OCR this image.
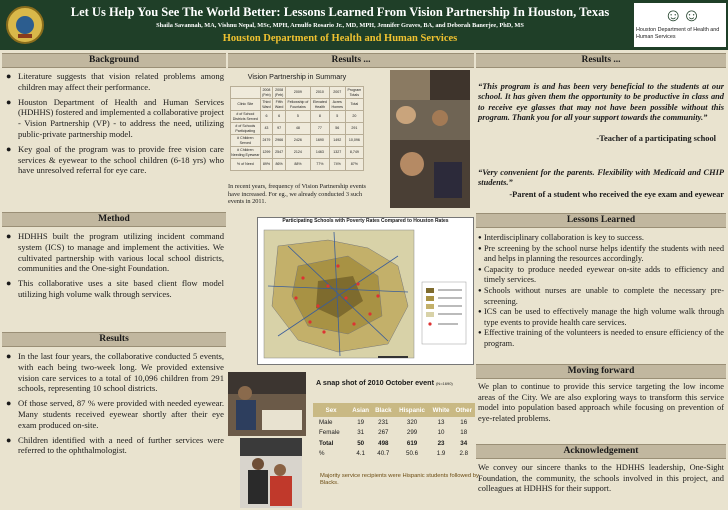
Let Us Help You See The World Better: Lessons Learned From Vision Partnership In Houston, Texas
Shaila Savannah, MA, Vishnu Nepal, MSc, MPH, Arnulfo Rosario Jr., MD, MPH, Jennifer Graves, BA, and Deborah Banerjee, PhD, MS
Houston Department of Health and Human Services
☺☺
Houston Department of Health and Human Services
Background
● Literature suggests that vision related problems among children may affect their performance.
● Houston Department of Health and Human Services (HDHHS) fostered and implemented a collaborative project - Vision Partnership (VP) - to address the need, utilizing public-private partnership model.
● Key goal of the program was to provide free vision care services & eyewear to the school children (6-18 yrs) who have unresolved referral for eye care.
Method
● HDHHS built the program utilizing incident command system (ICS) to manage and implement the activities. We cultivated partnership with various local school districts, communities and the One-sight Foundation.
● This collaborative uses a site based client flow model utilizing high volume walk through services.
Results
● In the last four years, the collaborative conducted 5 events, with each being two-week long. We provided extensive vision care services to a total of 10,096 children from 291 schools, representing 10 school districts.
● Of those served, 87 % were provided with needed eyewear. Many students received eyewear shortly after their eye exam produced on-site.
● Children identified with a need of further services were referred to the ophthalmologist.
Results ...
Vision Partnership in Summary
	2008 (Feb)	2008 (Feb)	2009	2010	2007	Program Totals
Clinic Site	Third Ward	Fifth Ward	Fellowship of Fountains	Elevated Health	Acres Homes	Total
# of School Districts Served	6	6	5	8	5	20
# of Schools Participating	43	97	48	77	56	291
# Children Served	2479	2966	2426	1690	1492	10,096
# Children Needing Eyewear	1299	2547	2124	1463	1327	8,749
% of Need	89%	86%	88%	77%	74%	87%
In recent years, frequency of Vision Partnership events have increased. For eg., we already conducted 3 such events in 2011.
Participating Schools with Poverty Rates Compared to Houston Rates
A snap shot of 2010 October event (N=1690)
Sex	Asian	Black	Hispanic	White	Other
Male	19	231	320	13	16
Female	31	267	299	10	18
Total	50	498	619	23	34
%	4.1	40.7	50.6	1.9	2.8
Majority service recipients were Hispanic students followed by Blacks.
Results ...
“This program is and has been very beneficial to the students at our school. It has given them the opportunity to be productive in class and to receive eye glasses that may not have been possible without this program. Thank you for all your support towards the community.”
-Teacher of a participating school
“Very convenient for the parents. Flexibility with Medicaid and CHIP students.”
-Parent of a student who received the eye exam and eyewear
Lessons Learned
● Interdisciplinary collaboration is key to success.
● Pre screening by the school nurse helps identify the students with need and helps in planning the resources accordingly.
● Capacity to produce needed eyewear on-site adds to efficiency and timely services.
● Schools without nurses are unable to complete the necessary pre-screening.
● ICS can be used to effectively manage the high volume walk through type events to provide health care services.
● Effective training of the volunteers is needed to ensure efficiency of the program.
Moving forward
We plan to continue to provide this service targeting the low income areas of the City. We are also exploring ways to transform this service model into population based approach while focusing on prevention of eye-related problems.
Acknowledgement
We convey our sincere thanks to the HDHHS leadership, One-Sight Foundation, the community, the schools involved in this project, and colleagues at HDHHS for their support.
